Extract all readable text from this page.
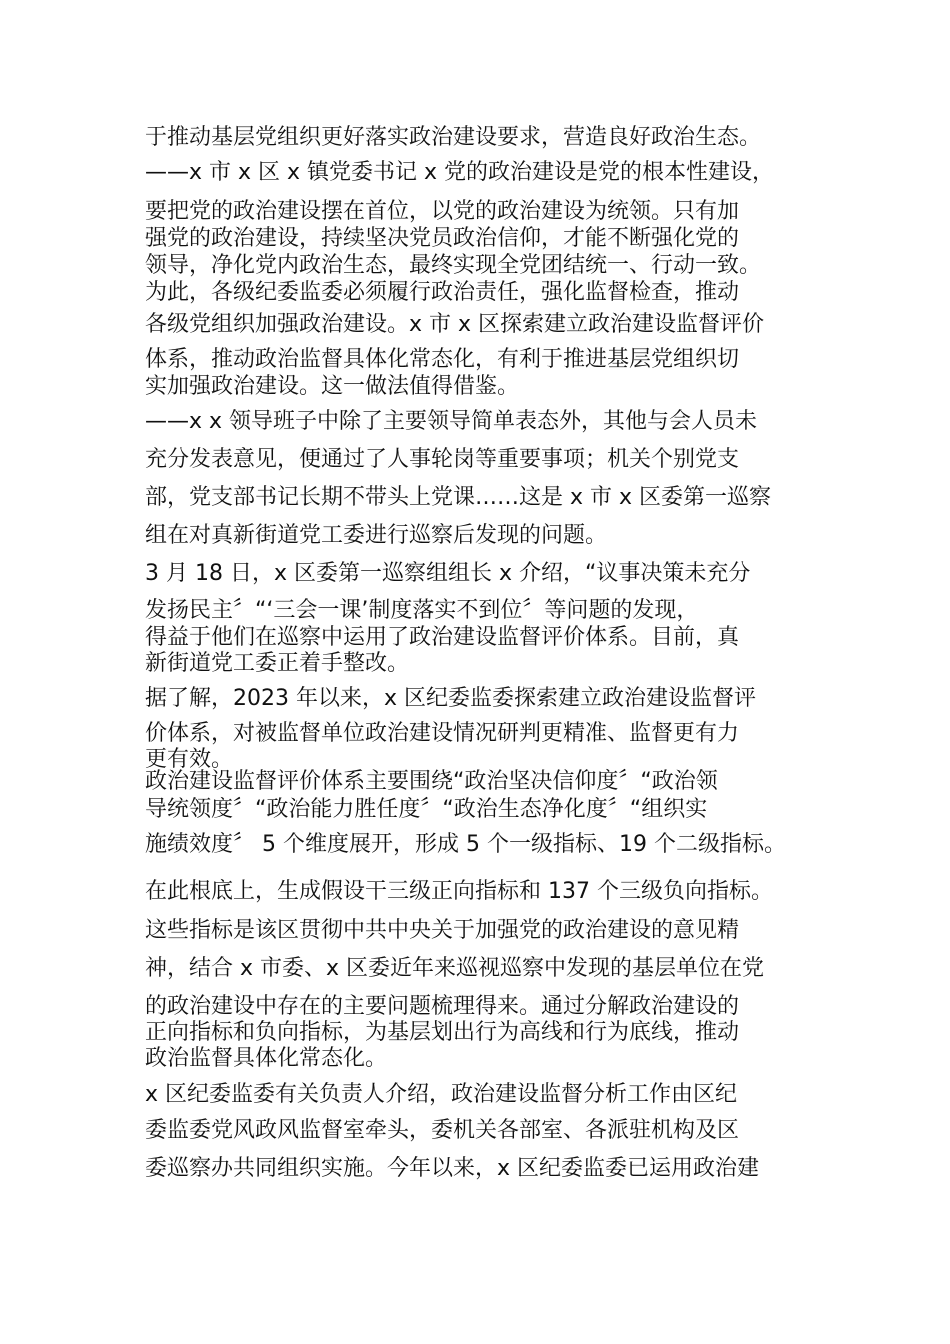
于推动基层党组织更好落实政治建设要求，营造良好政治生态。
——x 市 x 区 x 镇党委书记 x 党的政治建设是党的根本性建设，
要把党的政治建设摆在首位，以党的政治建设为统领。只有加
强党的政治建设，持续坚决党员政治信仰，才能不断强化党的
领导，净化党内政治生态，最终实现全党团结统一、行动一致。
为此，各级纪委监委必须履行政治责任，强化监督检查，推动
各级党组织加强政治建设。x 市 x 区探索建立政治建设监督评价
体系，推动政治监督具体化常态化，有利于推进基层党组织切
实加强政治建设。这一做法值得借鉴。
——x x 领导班子中除了主要领导简单表态外，其他与会人员未
充分发表意见，便通过了人事轮岗等重要事项；机关个别党支
部，党支部书记长期不带头上党课……这是 x 市 x 区委第一巡察
组在对真新街道党工委进行巡察后发现的问题。
3 月 18 日，x 区委第一巡察组组长 x 介绍，“议事决策未充分
发扬民主〞“‘三会一课’制度落实不到位〞等问题的发现，
得益于他们在巡察中运用了政治建设监督评价体系。目前，真
新街道党工委正着手整改。
据了解，2023 年以来，x 区纪委监委探索建立政治建设监督评
价体系，对被监督单位政治建设情况研判更精准、监督更有力
更有效。
政治建设监督评价体系主要围绕“政治坚决信仰度〞“政治领
导统领度〞“政治能力胜任度〞“政治生态净化度〞“组织实
施绩效度〞 5 个维度展开，形成 5 个一级指标、19 个二级指标。
在此根底上，生成假设干三级正向指标和 137 个三级负向指标。
这些指标是该区贯彻中共中央关于加强党的政治建设的意见精
神，结合 x 市委、x 区委近年来巡视巡察中发现的基层单位在党
的政治建设中存在的主要问题梳理得来。通过分解政治建设的
正向指标和负向指标，为基层划出行为高线和行为底线，推动
政治监督具体化常态化。
x 区纪委监委有关负责人介绍，政治建设监督分析工作由区纪
委监委党风政风监督室牵头，委机关各部室、各派驻机构及区
委巡察办共同组织实施。今年以来，x 区纪委监委已运用政治建
